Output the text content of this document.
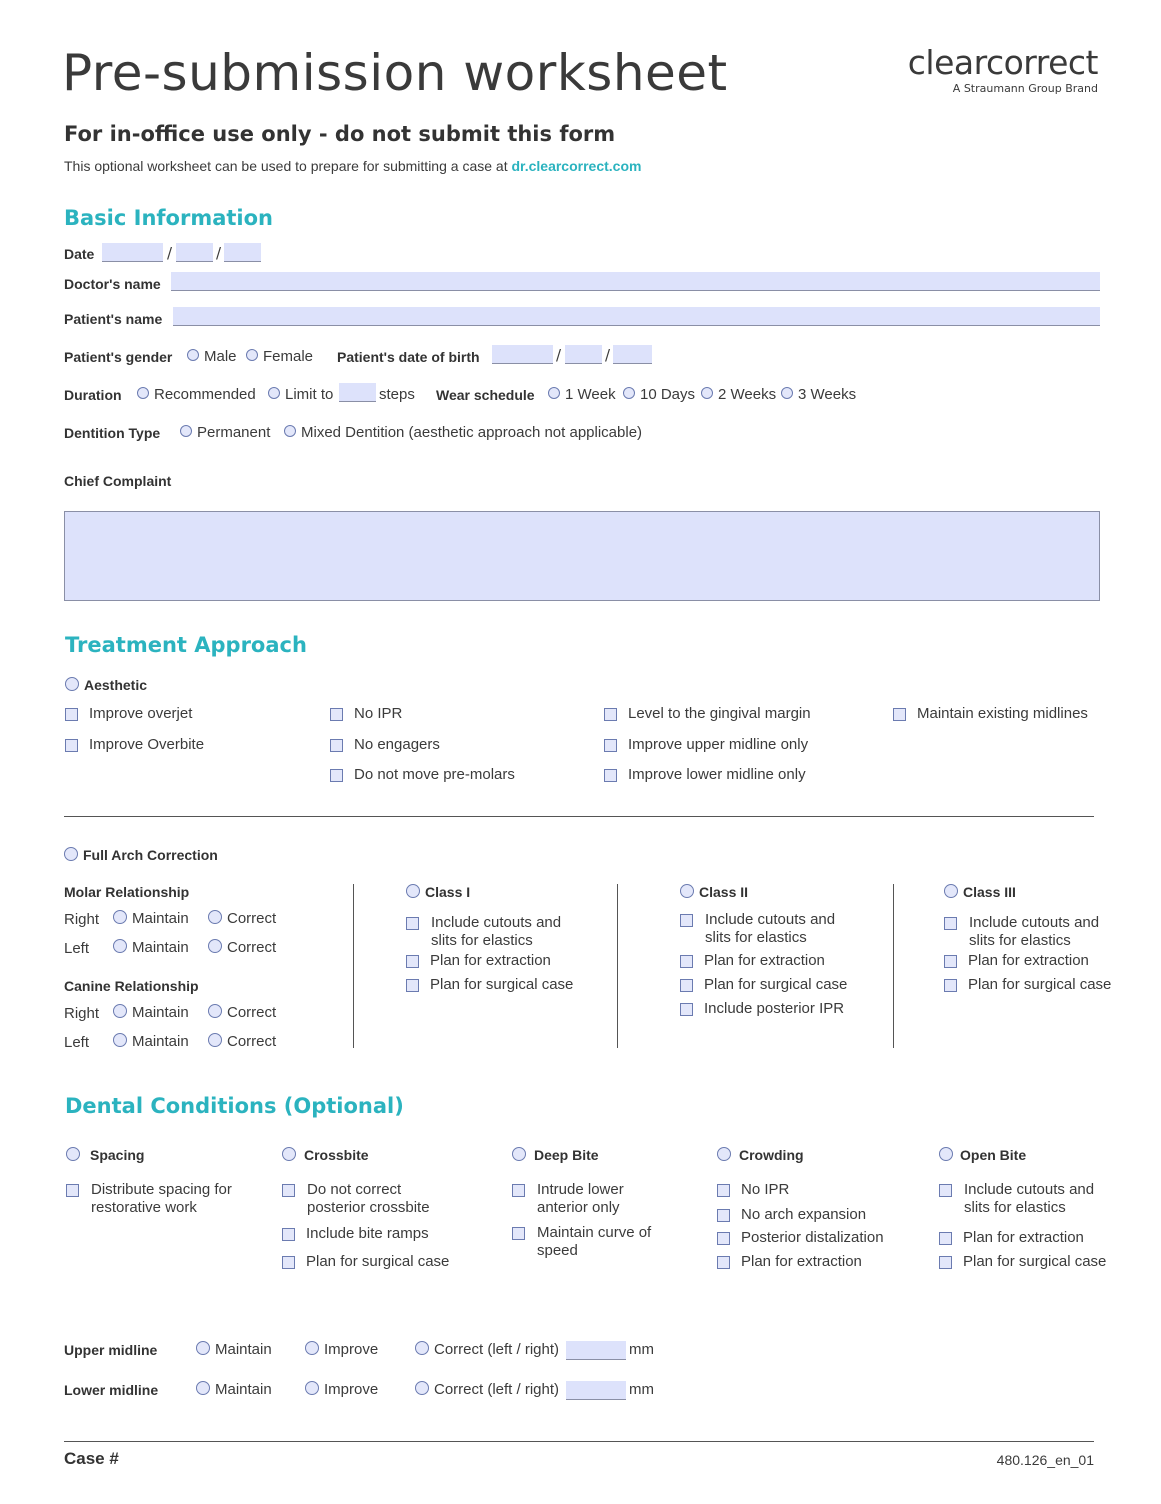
Pre-submission worksheet	clearcorrect
A Straumann Group Brand
For in-office use only - do not submit this form
This optional worksheet can be used to prepare for submitting a case at dr.clearcorrect.com
Basic Information
Date	/	/
Doctor's name
Patient's name
Patient's gender	Male	Female Patient's date of birth	/	/
Duration	Recommended	Limit to	steps Wear schedule	1 Week	10 Days	2 Weeks	3 Weeks
Dentition Type	Permanent	Mixed Dentition (aesthetic approach not applicable)
Chief Complaint
Treatment Approach
Aesthetic
Improve overjet
Improve Overbite
No IPR
No engagers
Do not move pre-molars
Level to the gingival margin
Improve upper midline only
Improve lower midline only
Maintain existing midlines
Full Arch Correction
Molar Relationship
Right	Maintain	Correct
Left	Maintain	Correct
Canine Relationship
Right	Maintain	Correct
Left	Maintain	Correct
Class I
Include cutouts and slits for elastics
Plan for extraction
Plan for surgical case
Class II
Include cutouts and slits for elastics
Plan for extraction
Plan for surgical case
Include posterior IPR
Class III
Include cutouts and slits for elastics
Plan for extraction
Plan for surgical case
Dental Conditions (Optional)
Spacing
Distribute spacing for restorative work
Crossbite
Do not correct posterior crossbite
Include bite ramps
Plan for surgical case
Deep Bite
Intrude lower anterior only
Maintain curve of speed
Crowding
No IPR
No arch expansion
Posterior distalization
Plan for extraction
Open Bite
Include cutouts and slits for elastics
Plan for extraction
Plan for surgical case
Upper midline	Maintain	Improve	Correct (left / right)	mm
Lower midline	Maintain	Improve	Correct (left / right)	mm
Case #	480.126_en_01
